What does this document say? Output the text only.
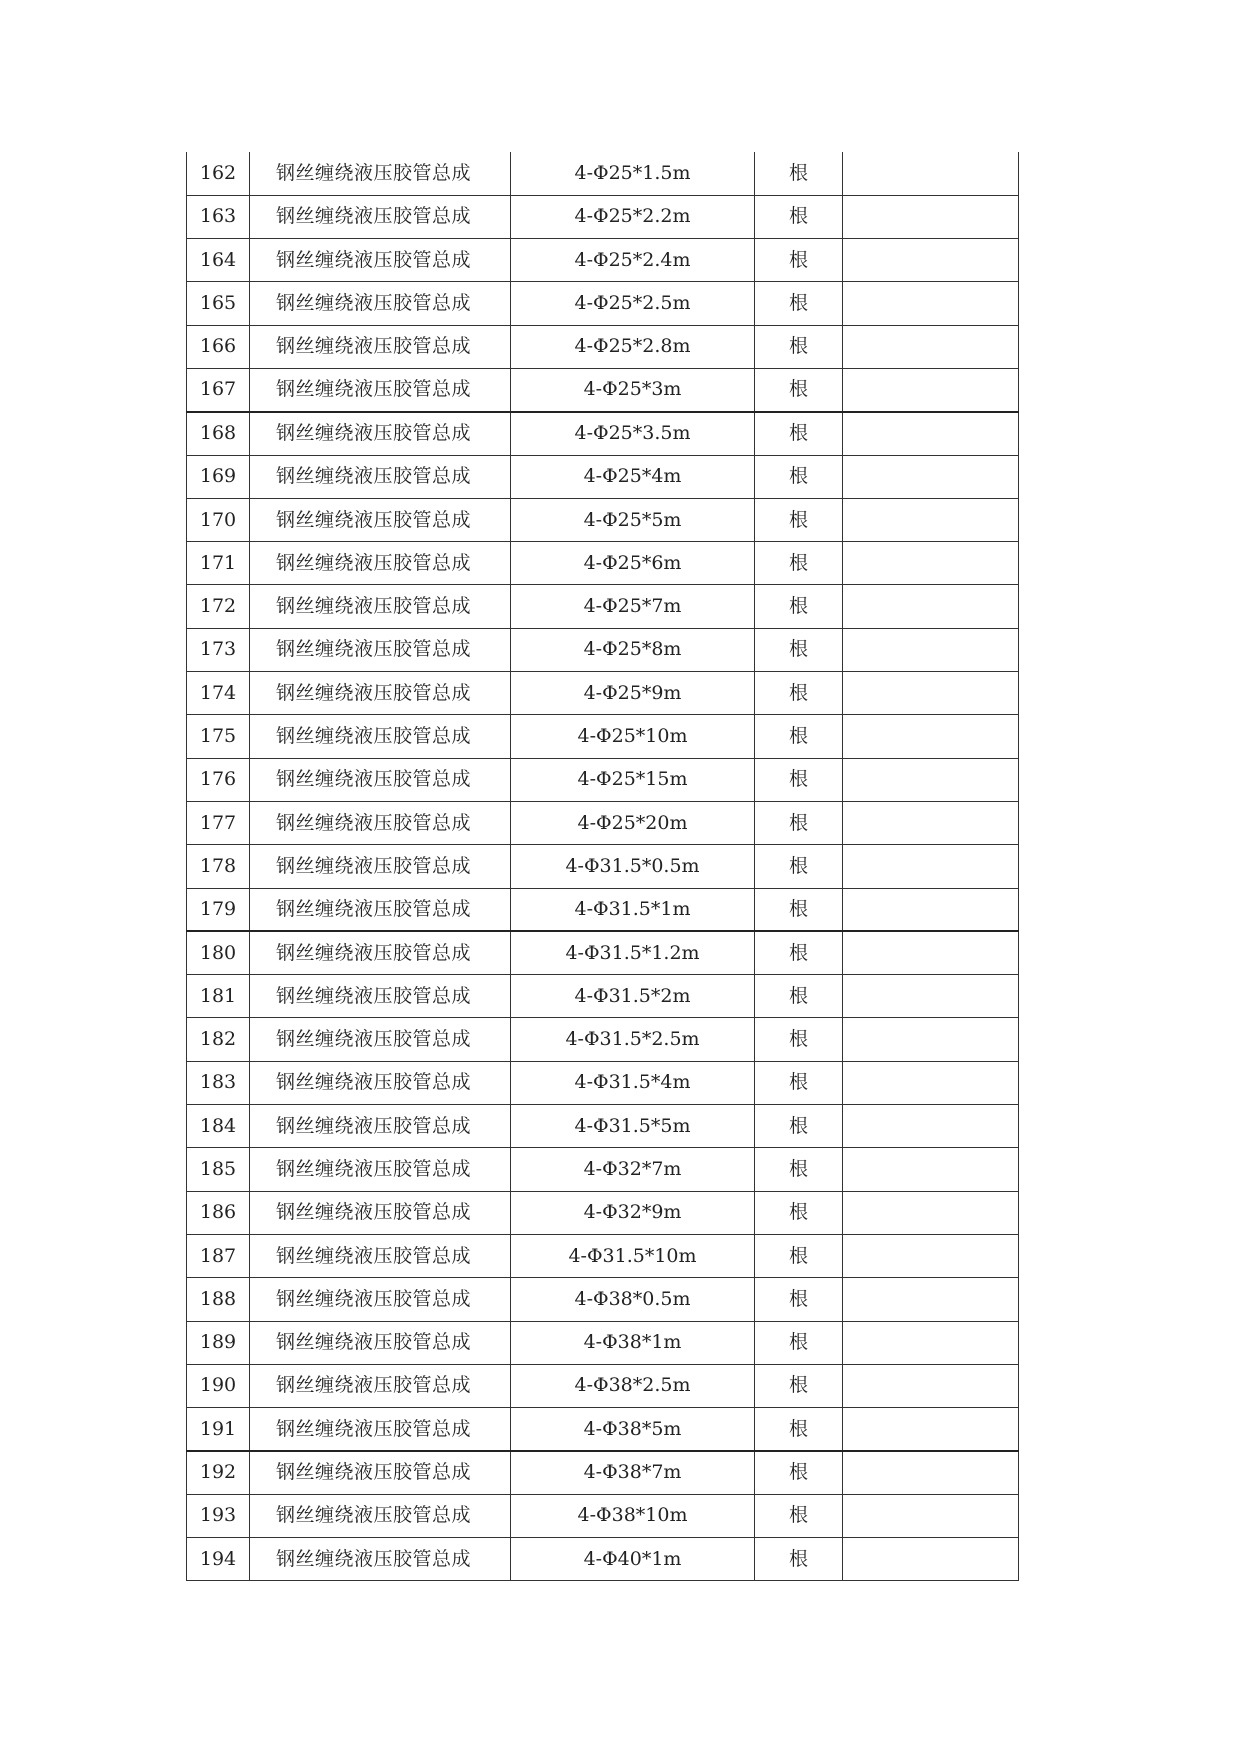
162	钢丝缠绕液压胶管总成	4-Φ25*1.5m	根	
163	钢丝缠绕液压胶管总成	4-Φ25*2.2m	根	
164	钢丝缠绕液压胶管总成	4-Φ25*2.4m	根	
165	钢丝缠绕液压胶管总成	4-Φ25*2.5m	根	
166	钢丝缠绕液压胶管总成	4-Φ25*2.8m	根	
167	钢丝缠绕液压胶管总成	4-Φ25*3m	根	
168	钢丝缠绕液压胶管总成	4-Φ25*3.5m	根	
169	钢丝缠绕液压胶管总成	4-Φ25*4m	根	
170	钢丝缠绕液压胶管总成	4-Φ25*5m	根	
171	钢丝缠绕液压胶管总成	4-Φ25*6m	根	
172	钢丝缠绕液压胶管总成	4-Φ25*7m	根	
173	钢丝缠绕液压胶管总成	4-Φ25*8m	根	
174	钢丝缠绕液压胶管总成	4-Φ25*9m	根	
175	钢丝缠绕液压胶管总成	4-Φ25*10m	根	
176	钢丝缠绕液压胶管总成	4-Φ25*15m	根	
177	钢丝缠绕液压胶管总成	4-Φ25*20m	根	
178	钢丝缠绕液压胶管总成	4-Φ31.5*0.5m	根	
179	钢丝缠绕液压胶管总成	4-Φ31.5*1m	根	
180	钢丝缠绕液压胶管总成	4-Φ31.5*1.2m	根	
181	钢丝缠绕液压胶管总成	4-Φ31.5*2m	根	
182	钢丝缠绕液压胶管总成	4-Φ31.5*2.5m	根	
183	钢丝缠绕液压胶管总成	4-Φ31.5*4m	根	
184	钢丝缠绕液压胶管总成	4-Φ31.5*5m	根	
185	钢丝缠绕液压胶管总成	4-Φ32*7m	根	
186	钢丝缠绕液压胶管总成	4-Φ32*9m	根	
187	钢丝缠绕液压胶管总成	4-Φ31.5*10m	根	
188	钢丝缠绕液压胶管总成	4-Φ38*0.5m	根	
189	钢丝缠绕液压胶管总成	4-Φ38*1m	根	
190	钢丝缠绕液压胶管总成	4-Φ38*2.5m	根	
191	钢丝缠绕液压胶管总成	4-Φ38*5m	根	
192	钢丝缠绕液压胶管总成	4-Φ38*7m	根	
193	钢丝缠绕液压胶管总成	4-Φ38*10m	根	
194	钢丝缠绕液压胶管总成	4-Φ40*1m	根	
